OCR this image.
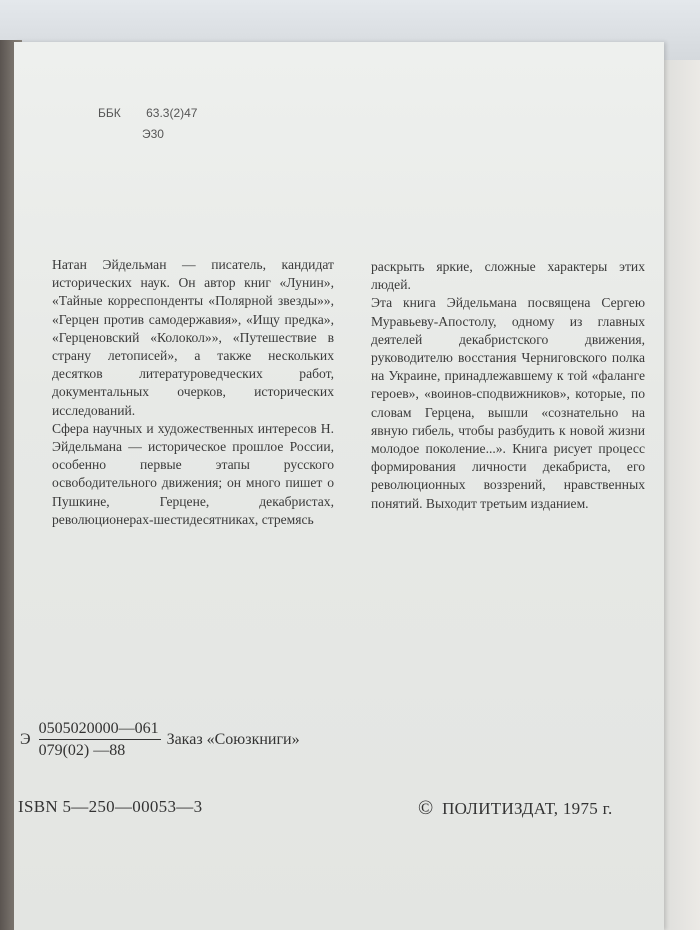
ББК 63.3(2)47
Э30

Натан Эйдельман — писатель, кандидат исторических наук. Он автор книг «Лунин», «Тайные корреспонденты «Полярной звезды»», «Герцен против самодержавия», «Ищу предка», «Герценовский «Колокол»», «Путешествие в страну летописей», а также нескольких десятков литературоведческих работ, документальных очерков, исторических исследований.

Сфера научных и художественных интересов Н. Эйдельмана — историческое прошлое России, особенно первые этапы русского освободительного движения; он много пишет о Пушкине, Герцене, декабристах, революционерах-шестидесятниках, стремясь

раскрыть яркие, сложные характеры этих людей.

Эта книга Эйдельмана посвящена Сергею Муравьеву-Апостолу, одному из главных деятелей декабристского движения, руководителю восстания Черниговского полка на Украине, принадлежавшему к той «фаланге героев», «воинов-сподвижников», которые, по словам Герцена, вышли «сознательно на явную гибель, чтобы разбудить к новой жизни молодое поколение...». Книга рисует процесс формирования личности декабриста, его революционных воззрений, нравственных понятий. Выходит третьим изданием.

Э $\frac{0505020000—061}{079(02) —88}$ Заказ «Союзкниги»
ISBN 5—250—00053—3	© ПОЛИТИЗДАТ, 1975 г.
